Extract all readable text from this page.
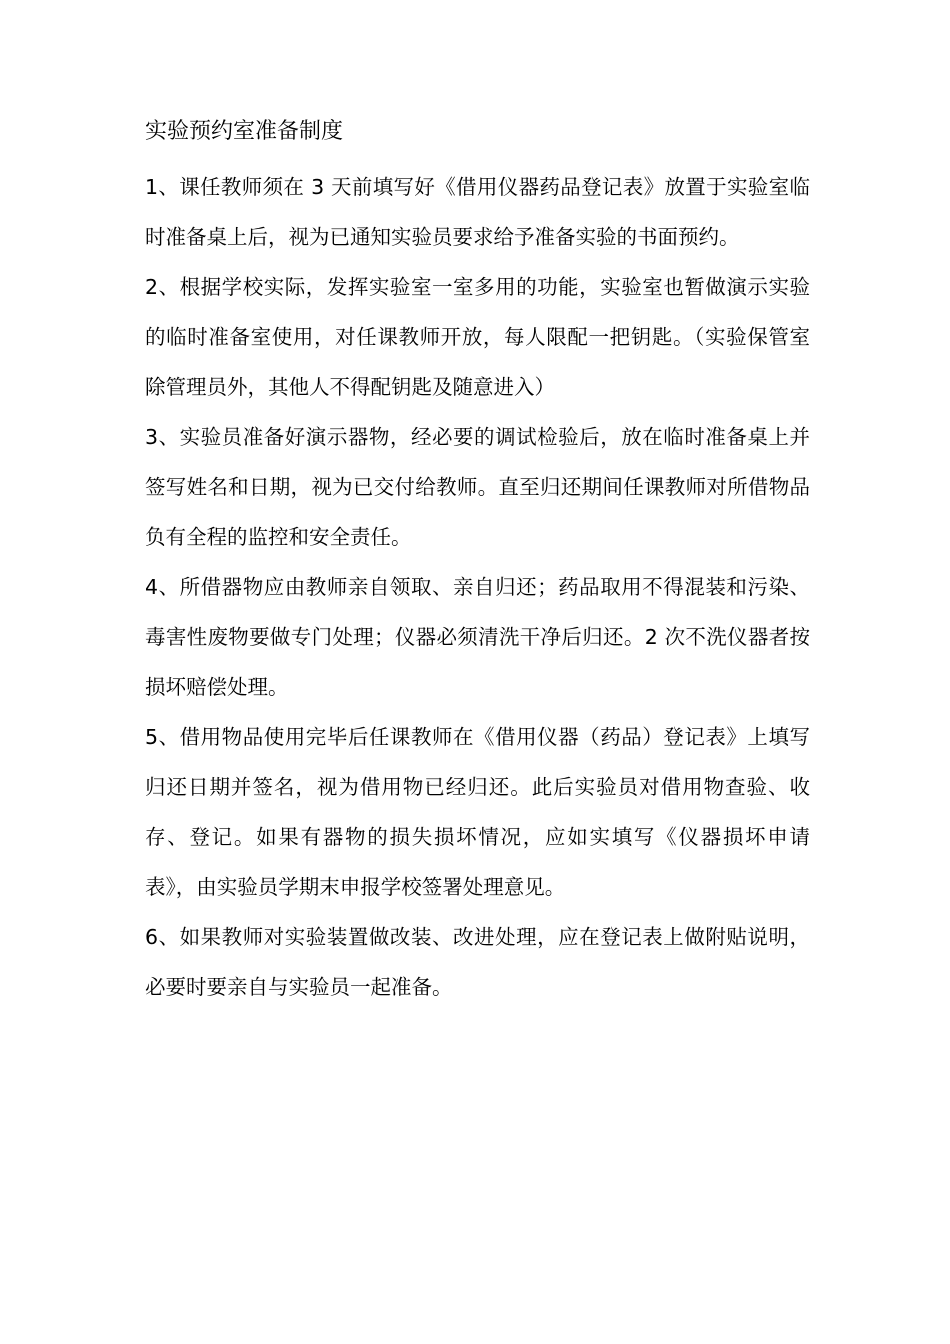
实验预约室准备制度

1、课任教师须在 3 天前填写好《借用仪器药品登记表》放置于实验室临时准备桌上后，视为已通知实验员要求给予准备实验的书面预约。

2、根据学校实际，发挥实验室一室多用的功能，实验室也暂做演示实验的临时准备室使用，对任课教师开放，每人限配一把钥匙。（实验保管室除管理员外，其他人不得配钥匙及随意进入）

3、实验员准备好演示器物，经必要的调试检验后，放在临时准备桌上并签写姓名和日期，视为已交付给教师。直至归还期间任课教师对所借物品负有全程的监控和安全责任。

4、所借器物应由教师亲自领取、亲自归还；药品取用不得混装和污染、毒害性废物要做专门处理；仪器必须清洗干净后归还。2 次不洗仪器者按损坏赔偿处理。

5、借用物品使用完毕后任课教师在《借用仪器（药品）登记表》上填写归还日期并签名，视为借用物已经归还。此后实验员对借用物查验、收存、登记。如果有器物的损失损坏情况，应如实填写《仪器损坏申请表》，由实验员学期末申报学校签署处理意见。

6、如果教师对实验装置做改装、改进处理，应在登记表上做附贴说明，必要时要亲自与实验员一起准备。
